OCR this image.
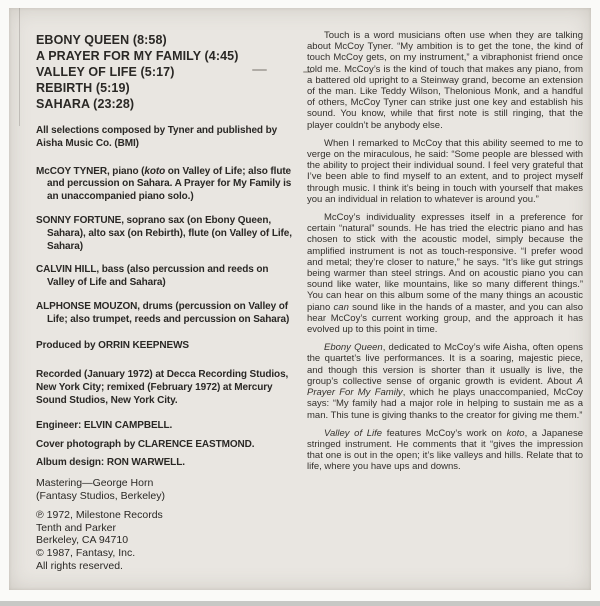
EBONY QUEEN (8:58)
A PRAYER FOR MY FAMILY (4:45)
VALLEY OF LIFE (5:17)
REBIRTH (5:19)
SAHARA (23:28)
All selections composed by Tyner and published by Aisha Music Co. (BMI)
McCOY TYNER, piano (koto on Valley of Life; also flute and percussion on Sahara. A Prayer for My Family is an unaccompanied piano solo.)
SONNY FORTUNE, soprano sax (on Ebony Queen, Sahara), alto sax (on Rebirth), flute (on Valley of Life, Sahara)
CALVIN HILL, bass (also percussion and reeds on Valley of Life and Sahara)
ALPHONSE MOUZON, drums (percussion on Valley of Life; also trumpet, reeds and percussion on Sahara)
Produced by ORRIN KEEPNEWS
Recorded (January 1972) at Decca Recording Studios, New York City; remixed (February 1972) at Mercury Sound Studios, New York City.
Engineer: ELVIN CAMPBELL.
Cover photograph by CLARENCE EASTMOND.
Album design: RON WARWELL.
Mastering—George Horn
(Fantasy Studios, Berkeley)
℗ 1972, Milestone Records
Tenth and Parker
Berkeley, CA 94710
© 1987, Fantasy, Inc.
All rights reserved.

Touch is a word musicians often use when they are talking about McCoy Tyner. “My ambition is to get the tone, the kind of touch McCoy gets, on my instrument,” a vibraphonist friend once told me. McCoy’s is the kind of touch that makes any piano, from a battered old upright to a Steinway grand, become an extension of the man. Like Teddy Wilson, Thelonious Monk, and a handful of others, McCoy Tyner can strike just one key and establish his sound. You know, while that first note is still ringing, that the player couldn’t be anybody else.

When I remarked to McCoy that this ability seemed to me to verge on the miraculous, he said: “Some people are blessed with the ability to project their individual sound. I feel very grateful that I’ve been able to find myself to an extent, and to project myself through music. I think it’s being in touch with yourself that makes you an individual in relation to whatever is around you.”

McCoy’s individuality expresses itself in a preference for certain “natural” sounds. He has tried the electric piano and has chosen to stick with the acoustic model, simply because the amplified instrument is not as touch-responsive. “I prefer wood and metal; they’re closer to nature,” he says. “It’s like gut strings being warmer than steel strings. And on acoustic piano you can sound like water, like mountains, like so many different things.” You can hear on this album some of the many things an acoustic piano can sound like in the hands of a master, and you can also hear McCoy’s current working group, and the approach it has evolved up to this point in time.

Ebony Queen, dedicated to McCoy’s wife Aisha, often opens the quartet’s live performances. It is a soaring, majestic piece, and though this version is shorter than it usually is live, the group’s collective sense of organic growth is evident. About A Prayer For My Family, which he plays unaccompanied, McCoy says: “My family had a major role in helping to sustain me as a man. This tune is giving thanks to the creator for giving me them.”

Valley of Life features McCoy’s work on koto, a Japanese stringed instrument. He comments that it “gives the impression that one is out in the open; it’s like valleys and hills. Relate that to life, where you have ups and downs.
